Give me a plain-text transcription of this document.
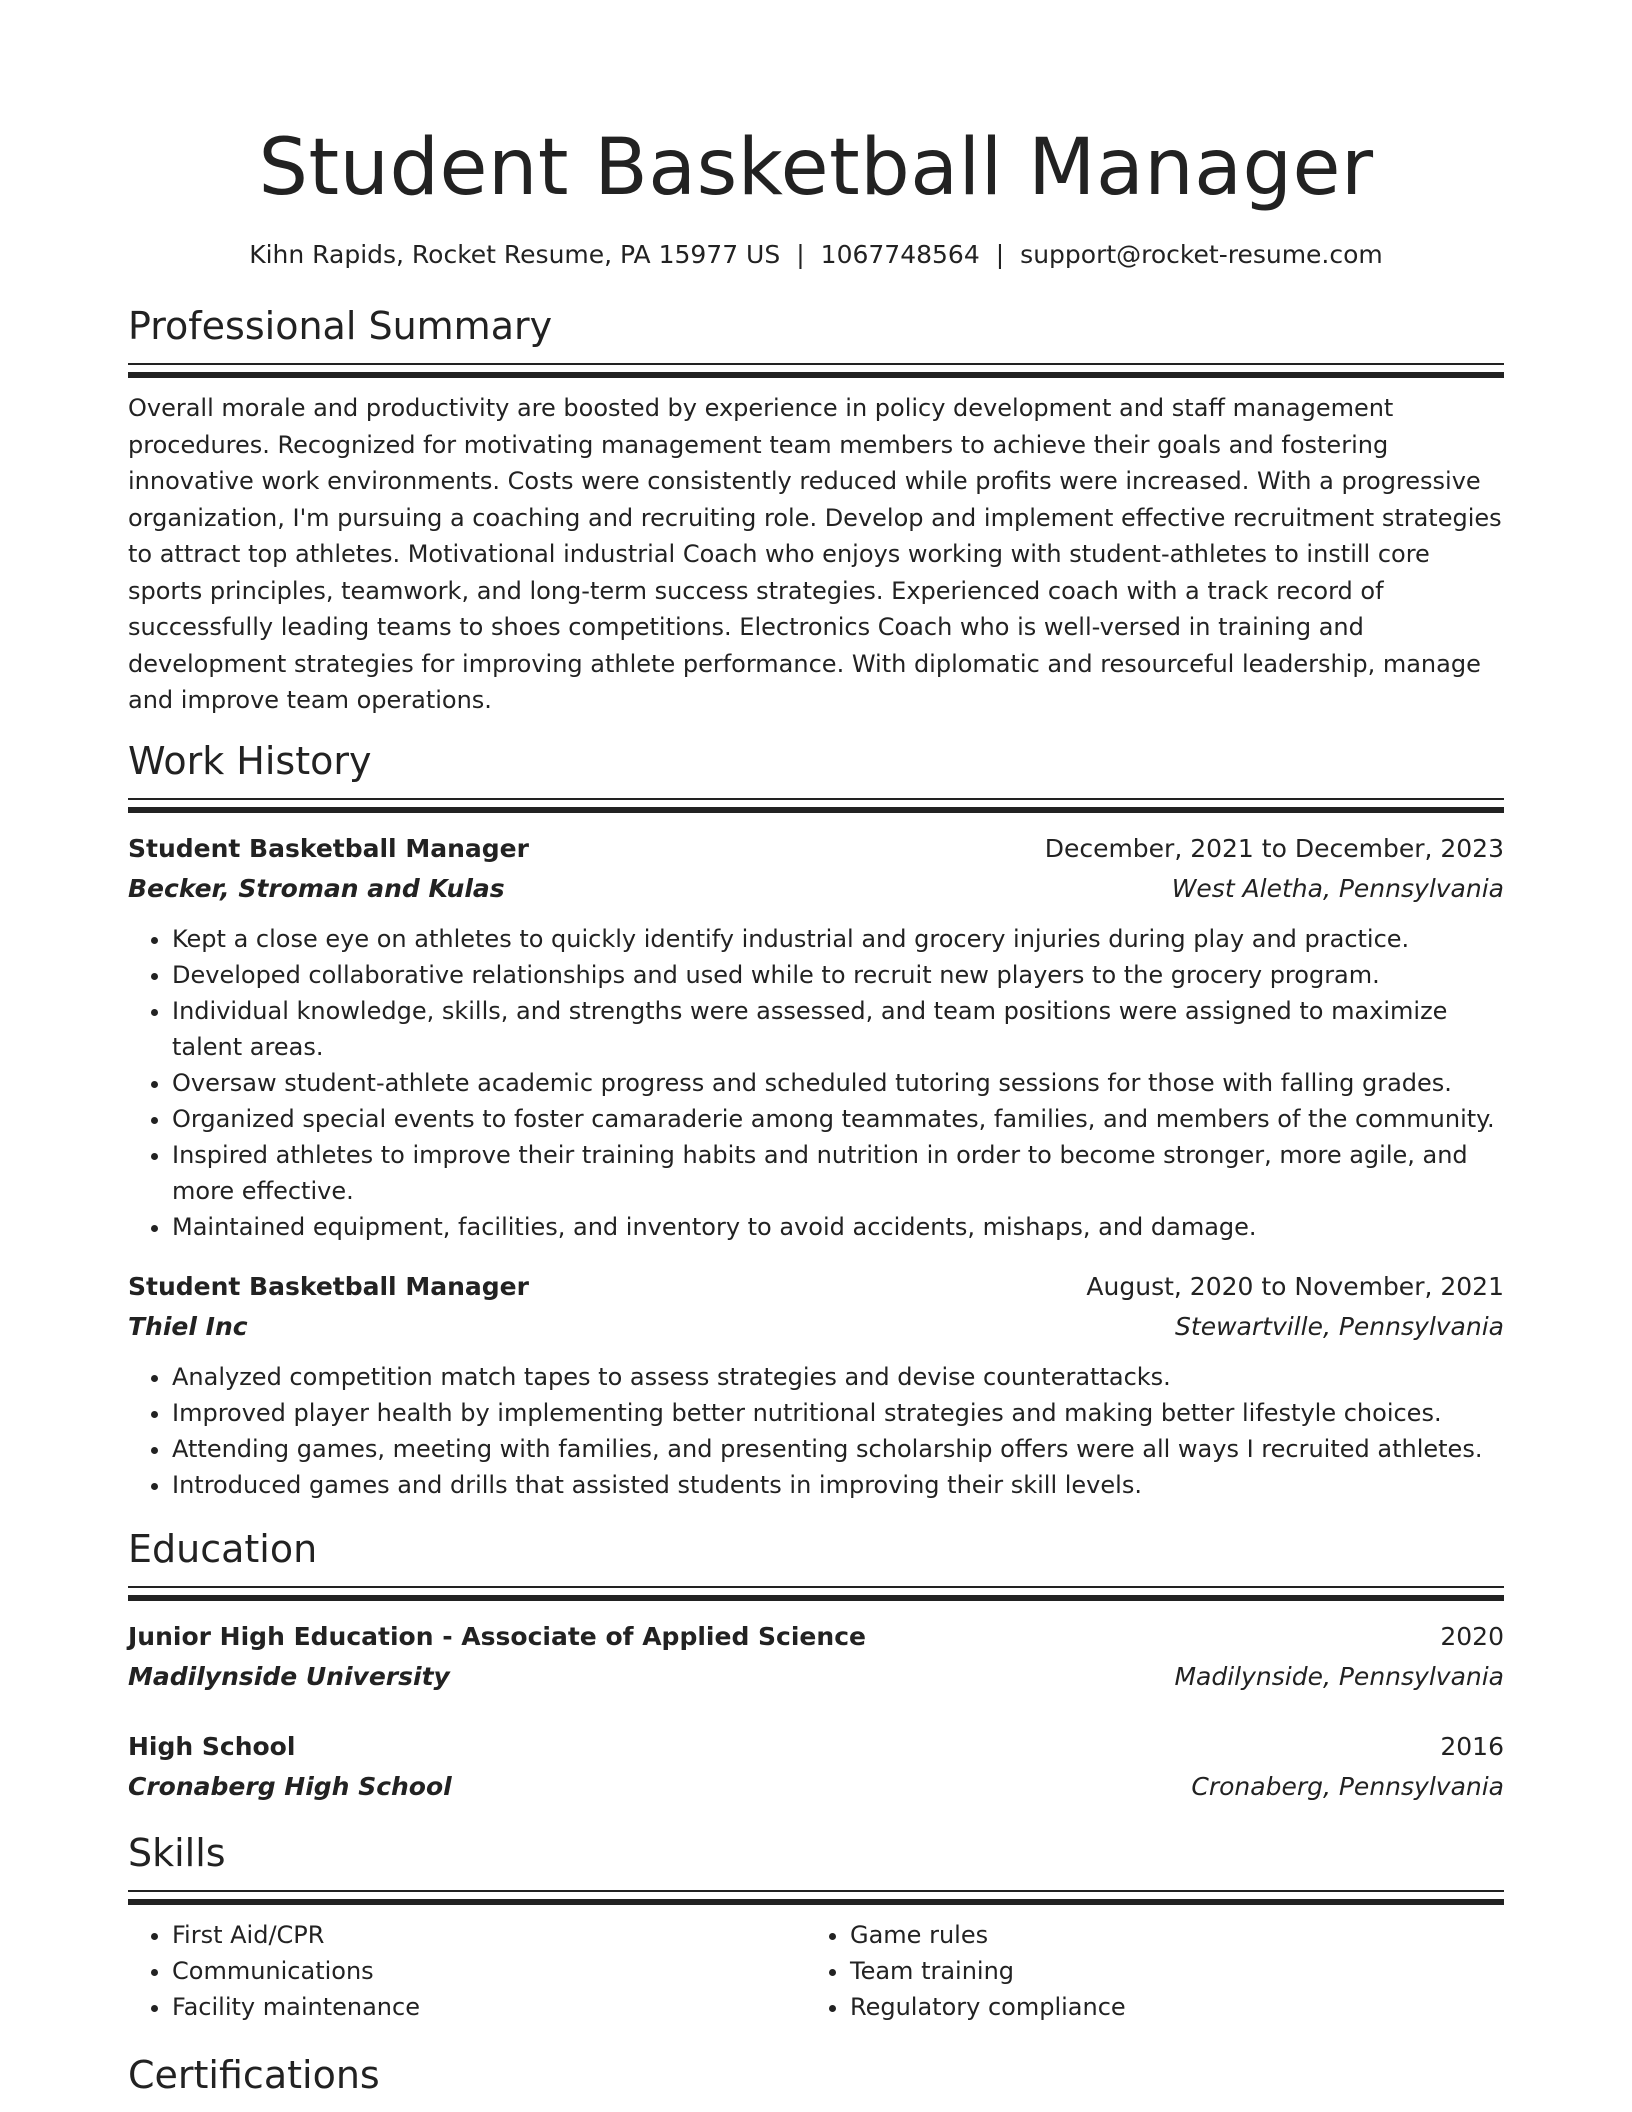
Student Basketball Manager
Kihn Rapids, Rocket Resume, PA 15977 US | 1067748564 | support@rocket-resume.com
Professional Summary
Overall morale and productivity are boosted by experience in policy development and staff management procedures. Recognized for motivating management team members to achieve their goals and fostering innovative work environments. Costs were consistently reduced while profits were increased. With a progressive organization, I'm pursuing a coaching and recruiting role. Develop and implement effective recruitment strategies to attract top athletes. Motivational industrial Coach who enjoys working with student-athletes to instill core sports principles, teamwork, and long-term success strategies. Experienced coach with a track record of successfully leading teams to shoes competitions. Electronics Coach who is well-versed in training and development strategies for improving athlete performance. With diplomatic and resourceful leadership, manage and improve team operations.
Work History
Student Basketball Manager	December, 2021 to December, 2023
Becker, Stroman and Kulas	West Aletha, Pennsylvania
• Kept a close eye on athletes to quickly identify industrial and grocery injuries during play and practice.
• Developed collaborative relationships and used while to recruit new players to the grocery program.
• Individual knowledge, skills, and strengths were assessed, and team positions were assigned to maximize talent areas.
• Oversaw student-athlete academic progress and scheduled tutoring sessions for those with falling grades.
• Organized special events to foster camaraderie among teammates, families, and members of the community.
• Inspired athletes to improve their training habits and nutrition in order to become stronger, more agile, and more effective.
• Maintained equipment, facilities, and inventory to avoid accidents, mishaps, and damage.
Student Basketball Manager	August, 2020 to November, 2021
Thiel Inc	Stewartville, Pennsylvania
• Analyzed competition match tapes to assess strategies and devise counterattacks.
• Improved player health by implementing better nutritional strategies and making better lifestyle choices.
• Attending games, meeting with families, and presenting scholarship offers were all ways I recruited athletes.
• Introduced games and drills that assisted students in improving their skill levels.
Education
Junior High Education - Associate of Applied Science	2020
Madilynside University	Madilynside, Pennsylvania
High School	2016
Cronaberg High School	Cronaberg, Pennsylvania
Skills
• First Aid/CPR
• Communications
• Facility maintenance
• Game rules
• Team training
• Regulatory compliance
Certifications
